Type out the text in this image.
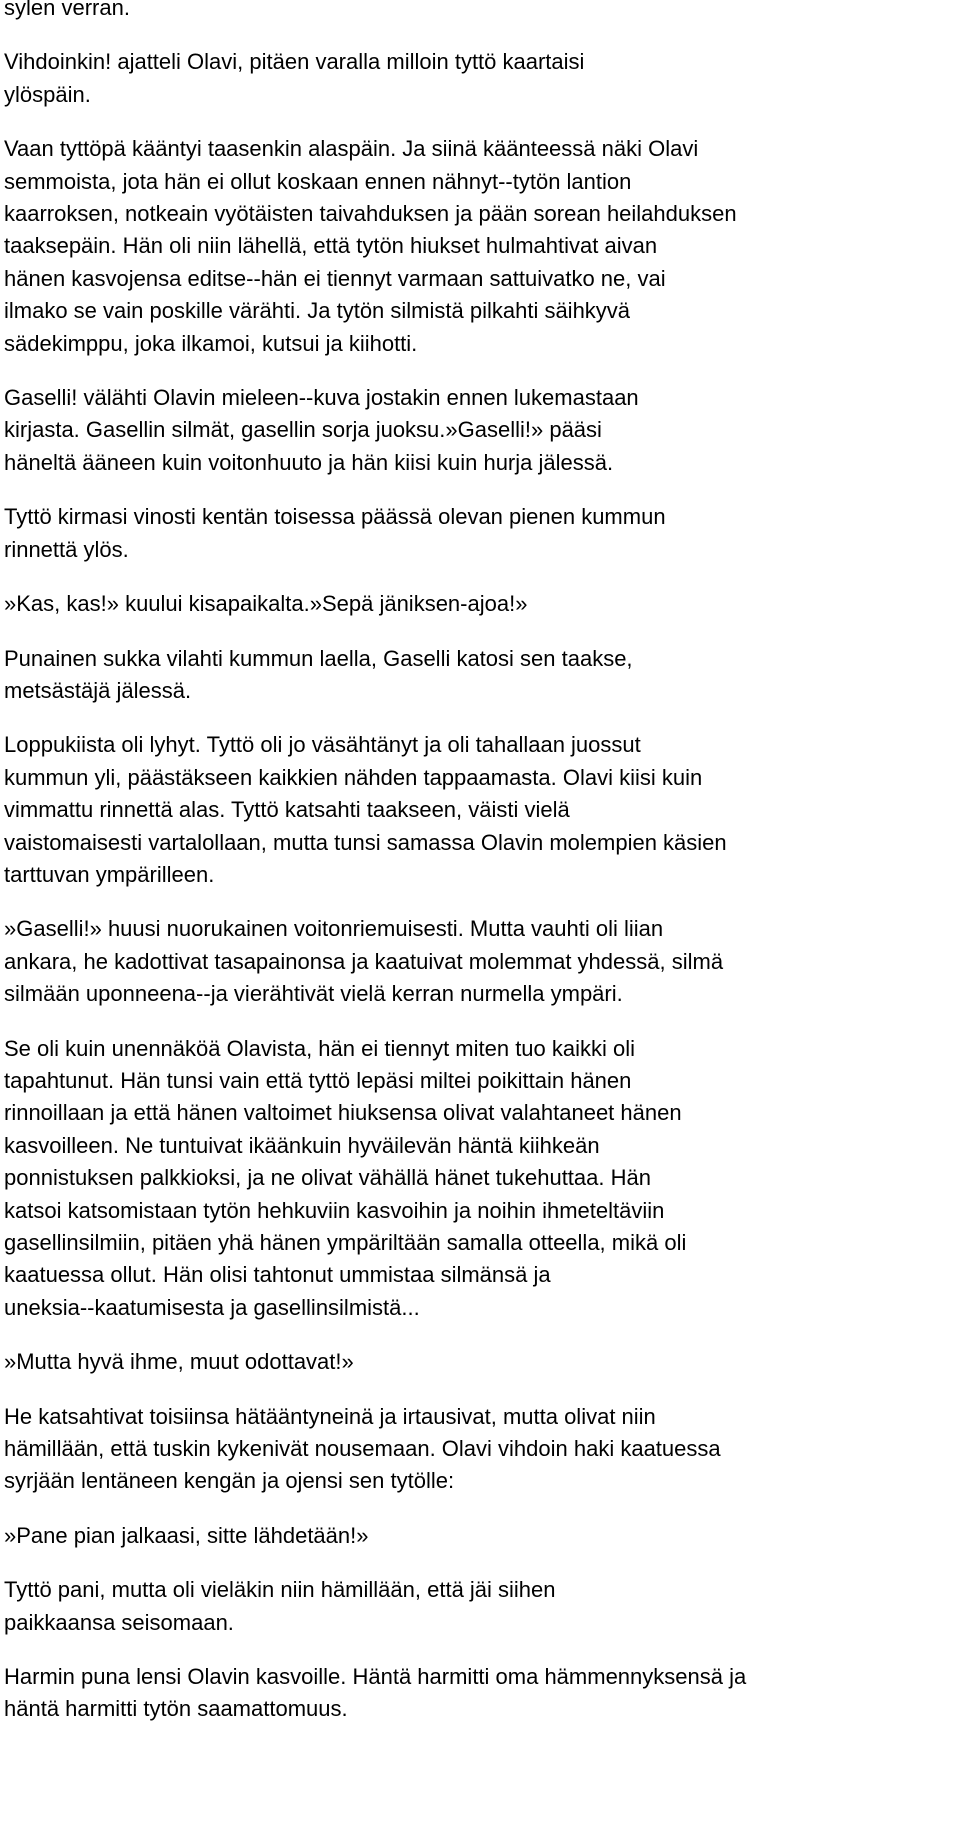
sylen verran.

Vihdoinkin! ajatteli Olavi, pitäen varalla milloin tyttö kaartaisi
ylöspäin.

Vaan tyttöpä kääntyi taasenkin alaspäin. Ja siinä käänteessä näki Olavi
semmoista, jota hän ei ollut koskaan ennen nähnyt--tytön lantion
kaarroksen, notkeain vyötäisten taivahduksen ja pään sorean heilahduksen
taaksepäin. Hän oli niin lähellä, että tytön hiukset hulmahtivat aivan
hänen kasvojensa editse--hän ei tiennyt varmaan sattuivatko ne, vai
ilmako se vain poskille värähti. Ja tytön silmistä pilkahti säihkyvä
sädekimppu, joka ilkamoi, kutsui ja kiihotti.

Gaselli! välähti Olavin mieleen--kuva jostakin ennen lukemastaan
kirjasta. Gasellin silmät, gasellin sorja juoksu.»Gaselli!» pääsi
häneltä ääneen kuin voitonhuuto ja hän kiisi kuin hurja jälessä.

Tyttö kirmasi vinosti kentän toisessa päässä olevan pienen kummun
rinnettä ylös.

»Kas, kas!» kuului kisapaikalta.»Sepä jäniksen-ajoa!»

Punainen sukka vilahti kummun laella, Gaselli katosi sen taakse,
metsästäjä jälessä.

Loppukiista oli lyhyt. Tyttö oli jo väsähtänyt ja oli tahallaan juossut
kummun yli, päästäkseen kaikkien nähden tappaamasta. Olavi kiisi kuin
vimmattu rinnettä alas. Tyttö katsahti taakseen, väisti vielä
vaistomaisesti vartalollaan, mutta tunsi samassa Olavin molempien käsien
tarttuvan ympärilleen.

»Gaselli!» huusi nuorukainen voitonriemuisesti. Mutta vauhti oli liian
ankara, he kadottivat tasapainonsa ja kaatuivat molemmat yhdessä, silmä
silmään uponneena--ja vierähtivät vielä kerran nurmella ympäri.

Se oli kuin unennäköä Olavista, hän ei tiennyt miten tuo kaikki oli
tapahtunut. Hän tunsi vain että tyttö lepäsi miltei poikittain hänen
rinnoillaan ja että hänen valtoimet hiuksensa olivat valahtaneet hänen
kasvoilleen. Ne tuntuivat ikäänkuin hyväilevän häntä kiihkeän
ponnistuksen palkkioksi, ja ne olivat vähällä hänet tukehuttaa. Hän
katsoi katsomistaan tytön hehkuviin kasvoihin ja noihin ihmeteltäviin
gasellinsilmiin, pitäen yhä hänen ympäriltään samalla otteella, mikä oli
kaatuessa ollut. Hän olisi tahtonut ummistaa silmänsä ja
uneksia--kaatumisesta ja gasellinsilmistä...

»Mutta hyvä ihme, muut odottavat!»

He katsahtivat toisiinsa hätääntyneinä ja irtausivat, mutta olivat niin
hämillään, että tuskin kykenivät nousemaan. Olavi vihdoin haki kaatuessa
syrjään lentäneen kengän ja ojensi sen tytölle:

»Pane pian jalkaasi, sitte lähdetään!»

Tyttö pani, mutta oli vieläkin niin hämillään, että jäi siihen
paikkaansa seisomaan.

Harmin puna lensi Olavin kasvoille. Häntä harmitti oma hämmennyksensä ja
häntä harmitti tytön saamattomuus.
